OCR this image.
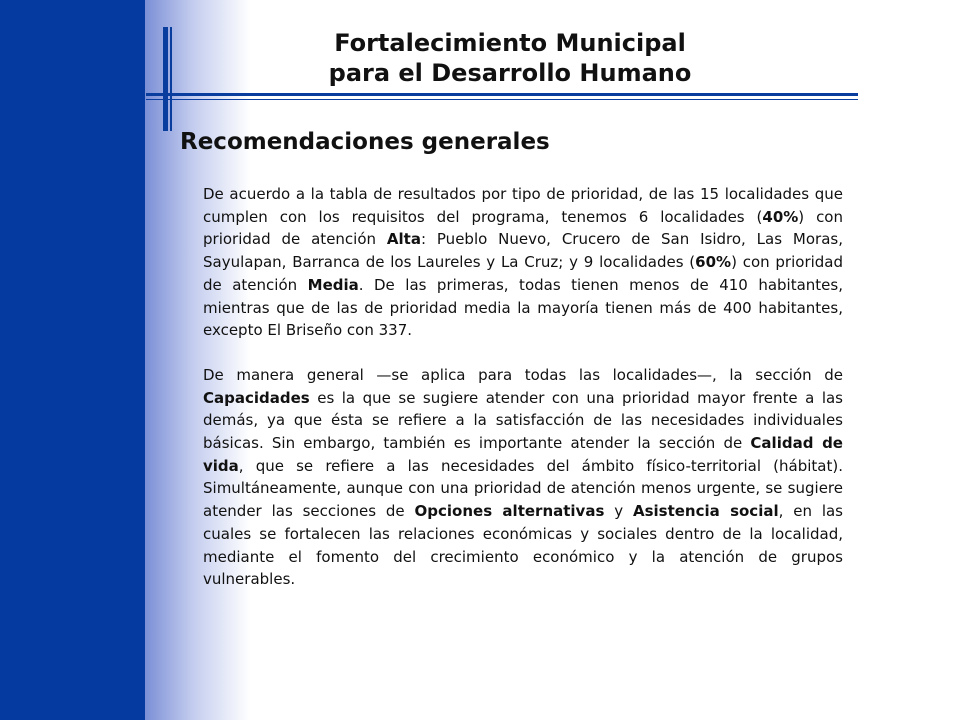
Fortalecimiento Municipal
para el Desarrollo Humano
Recomendaciones generales

De acuerdo a la tabla de resultados por tipo de prioridad, de las 15 localidades que cumplen con los requisitos del programa, tenemos 6 localidades (40%) con prioridad de atención Alta: Pueblo Nuevo, Crucero de San Isidro, Las Moras, Sayulapan, Barranca de los Laureles y La Cruz; y 9 localidades (60%) con prioridad de atención Media. De las primeras, todas tienen menos de 410 habitantes, mientras que de las de prioridad media la mayoría tienen más de 400 habitantes, excepto El Briseño con 337.

De manera general —se aplica para todas las localidades—, la sección de Capacidades es la que se sugiere atender con una prioridad mayor frente a las demás, ya que ésta se refiere a la satisfacción de las necesidades individuales básicas. Sin embargo, también es importante atender la sección de Calidad de vida, que se refiere a las necesidades del ámbito físico-territorial (hábitat). Simultáneamente, aunque con una prioridad de atención menos urgente, se sugiere atender las secciones de Opciones alternativas y Asistencia social, en las cuales se fortalecen las relaciones económicas y sociales dentro de la localidad, mediante el fomento del crecimiento económico y la atención de grupos vulnerables.
